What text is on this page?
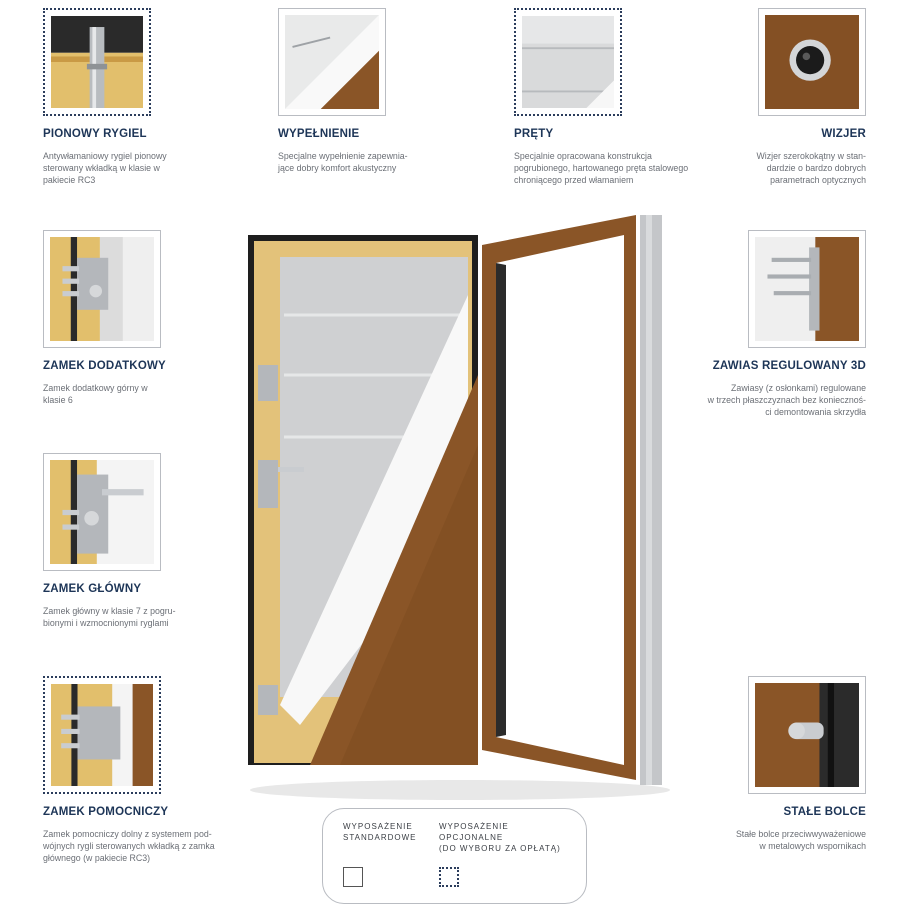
PIONOWY RYGIEL
Antywłamaniowy rygiel pionowy
sterowany wkładką w klasie w
pakiecie RC3
WYPEŁNIENIE
Specjalne wypełnienie zapewnia-
jące dobry komfort akustyczny
PRĘTY
Specjalnie opracowana konstrukcja
pogrubionego, hartowanego pręta stalowego
chroniącego przed włamaniem
WIZJER
Wizjer szerokokątny w stan-
dardzie o bardzo dobrych
parametrach optycznych
ZAMEK DODATKOWY
Zamek dodatkowy górny w
klasie 6
ZAMEK GŁÓWNY
Zamek główny w klasie 7 z pogru-
bionymi i wzmocnionymi ryglami
ZAMEK POMOCNICZY
Zamek pomocniczy dolny z systemem pod-
wójnych rygli sterowanych wkładką z zamka
głównego (w pakiecie RC3)
ZAWIAS REGULOWANY 3D
Zawiasy (z osłonkami) regulowane
w trzech płaszczyznach bez koniecznoś-
ci demontowania skrzydła
STAŁE BOLCE
Stałe bolce przeciwwyważeniowe
w metalowych wspornikach
WYPOSAŻENIE
STANDARDOWE
WYPOSAŻENIE
OPCJONALNE
(DO WYBORU ZA OPŁATĄ)
